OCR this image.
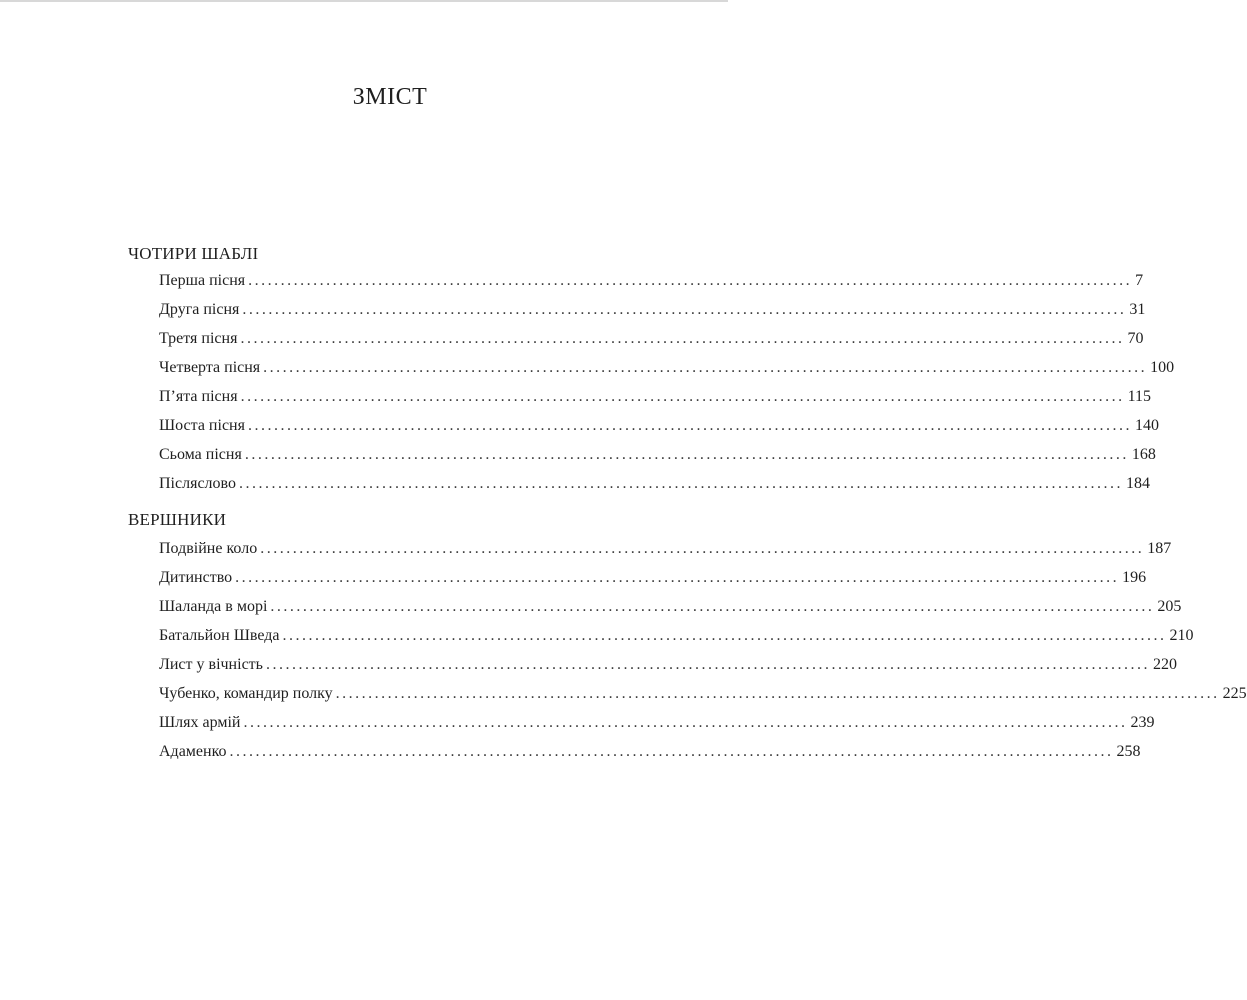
ЗМІСТ
ЧОТИРИ ШАБЛІ
Перша пісня ........................................................................................................................................ 7
Друга пісня ........................................................................................................................................ 31
Третя пісня ........................................................................................................................................ 70
Четверта пісня ........................................................................................................................................ 100
П’ята пісня ........................................................................................................................................ 115
Шоста пісня ........................................................................................................................................ 140
Сьома пісня ........................................................................................................................................ 168
Післяслово ........................................................................................................................................ 184
ВЕРШНИКИ
Подвійне коло ........................................................................................................................................ 187
Дитинство ........................................................................................................................................ 196
Шаланда в морі ........................................................................................................................................ 205
Батальйон Шведа ........................................................................................................................................ 210
Лист у вічність ........................................................................................................................................ 220
Чубенко, командир полку ........................................................................................................................................ 225
Шлях армій ........................................................................................................................................ 239
Адаменко ........................................................................................................................................ 258
